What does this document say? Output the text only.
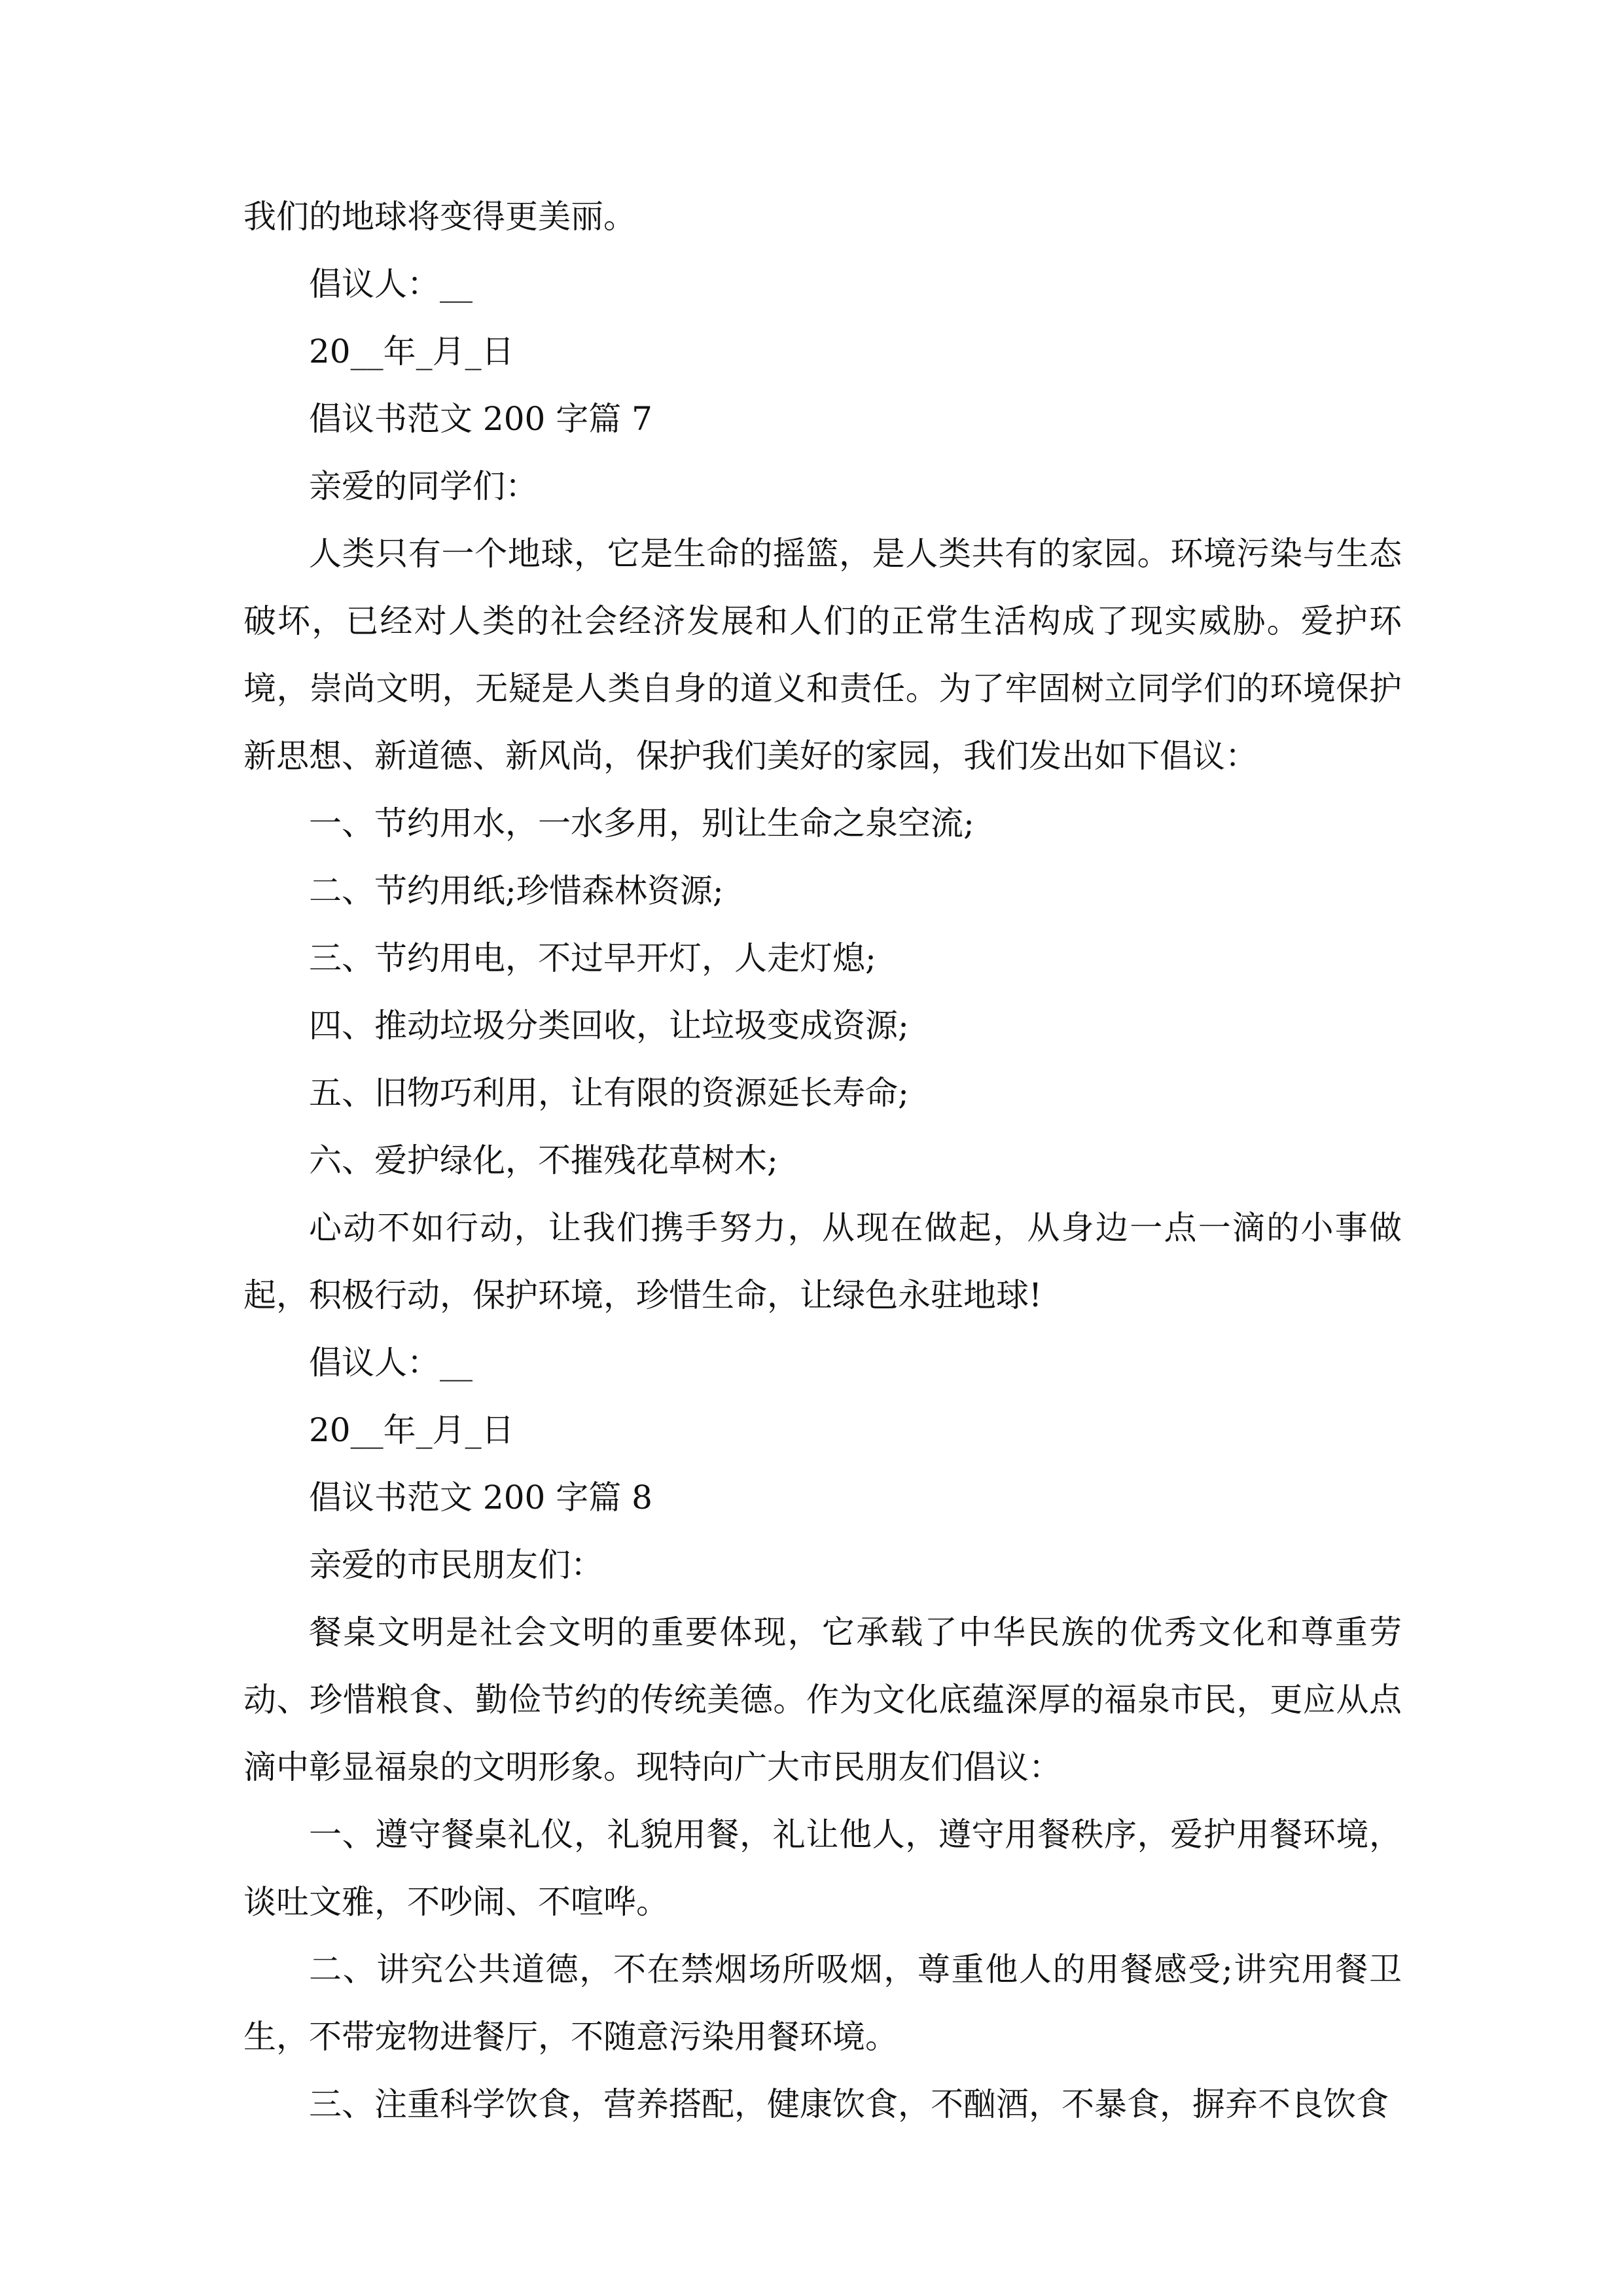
我们的地球将变得更美丽。

倡议人：__

20__年_月_日

倡议书范文 200 字篇 7

亲爱的同学们：

人类只有一个地球，它是生命的摇篮，是人类共有的家园。环境污染与生态破坏，已经对人类的社会经济发展和人们的正常生活构成了现实威胁。爱护环境，崇尚文明，无疑是人类自身的道义和责任。为了牢固树立同学们的环境保护新思想、新道德、新风尚，保护我们美好的家园，我们发出如下倡议：

一、节约用水，一水多用，别让生命之泉空流;

二、节约用纸;珍惜森林资源;

三、节约用电，不过早开灯，人走灯熄;

四、推动垃圾分类回收，让垃圾变成资源;

五、旧物巧利用，让有限的资源延长寿命;

六、爱护绿化，不摧残花草树木;

心动不如行动，让我们携手努力，从现在做起，从身边一点一滴的小事做起，积极行动，保护环境，珍惜生命，让绿色永驻地球!

倡议人：__

20__年_月_日

倡议书范文 200 字篇 8

亲爱的市民朋友们：

餐桌文明是社会文明的重要体现，它承载了中华民族的优秀文化和尊重劳动、珍惜粮食、勤俭节约的传统美德。作为文化底蕴深厚的福泉市民，更应从点滴中彰显福泉的文明形象。现特向广大市民朋友们倡议：

一、遵守餐桌礼仪，礼貌用餐，礼让他人，遵守用餐秩序，爱护用餐环境，谈吐文雅，不吵闹、不喧哗。

二、讲究公共道德，不在禁烟场所吸烟，尊重他人的用餐感受;讲究用餐卫生，不带宠物进餐厅，不随意污染用餐环境。

三、注重科学饮食，营养搭配，健康饮食，不酗酒，不暴食，摒弃不良饮食
